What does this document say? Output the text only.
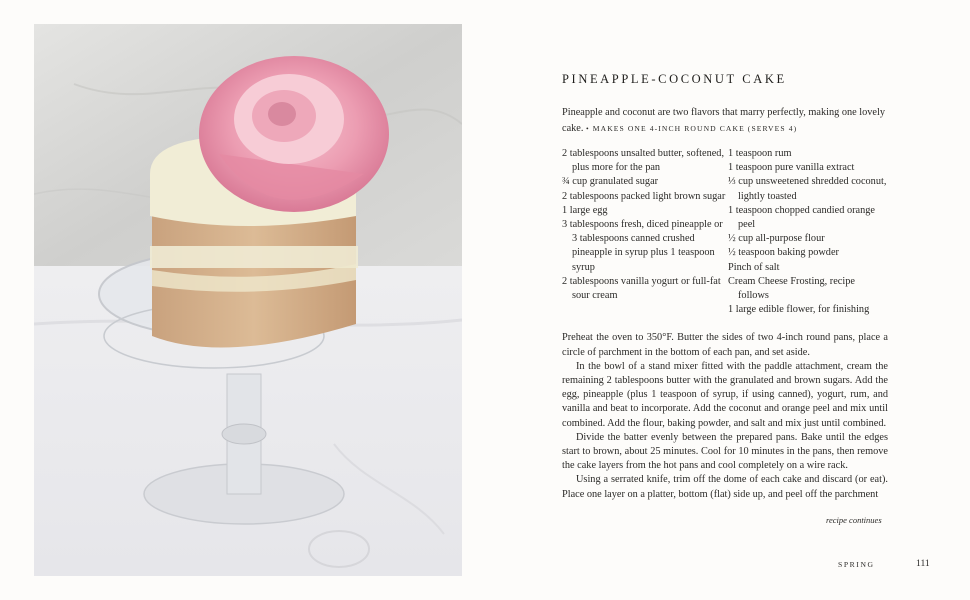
PINEAPPLE-COCONUT CAKE

Pineapple and coconut are two flavors that marry perfectly, making one lovely cake. • MAKES ONE 4-INCH ROUND CAKE (SERVES 4)

2 tablespoons unsalted butter, softened, plus more for the pan
¾ cup granulated sugar
2 tablespoons packed light brown sugar
1 large egg
3 tablespoons fresh, diced pineapple or 3 tablespoons canned crushed pineapple in syrup plus 1 teaspoon syrup
2 tablespoons vanilla yogurt or full-fat sour cream
1 teaspoon rum
1 teaspoon pure vanilla extract
⅓ cup unsweetened shredded coconut, lightly toasted
1 teaspoon chopped candied orange peel
½ cup all-purpose flour
½ teaspoon baking powder
Pinch of salt
Cream Cheese Frosting, recipe follows
1 large edible flower, for finishing

Preheat the oven to 350°F. Butter the sides of two 4-inch round pans, place a circle of parchment in the bottom of each pan, and set aside.

In the bowl of a stand mixer fitted with the paddle attachment, cream the remaining 2 tablespoons butter with the granulated and brown sugars. Add the egg, pineapple (plus 1 teaspoon of syrup, if using canned), yogurt, rum, and vanilla and beat to incorporate. Add the coconut and orange peel and mix until combined. Add the flour, baking powder, and salt and mix just until combined.

Divide the batter evenly between the prepared pans. Bake until the edges start to brown, about 25 minutes. Cool for 10 minutes in the pans, then remove the cake layers from the hot pans and cool completely on a wire rack.

Using a serrated knife, trim off the dome of each cake and discard (or eat). Place one layer on a platter, bottom (flat) side up, and peel off the parchment

recipe continues
SPRING	111
